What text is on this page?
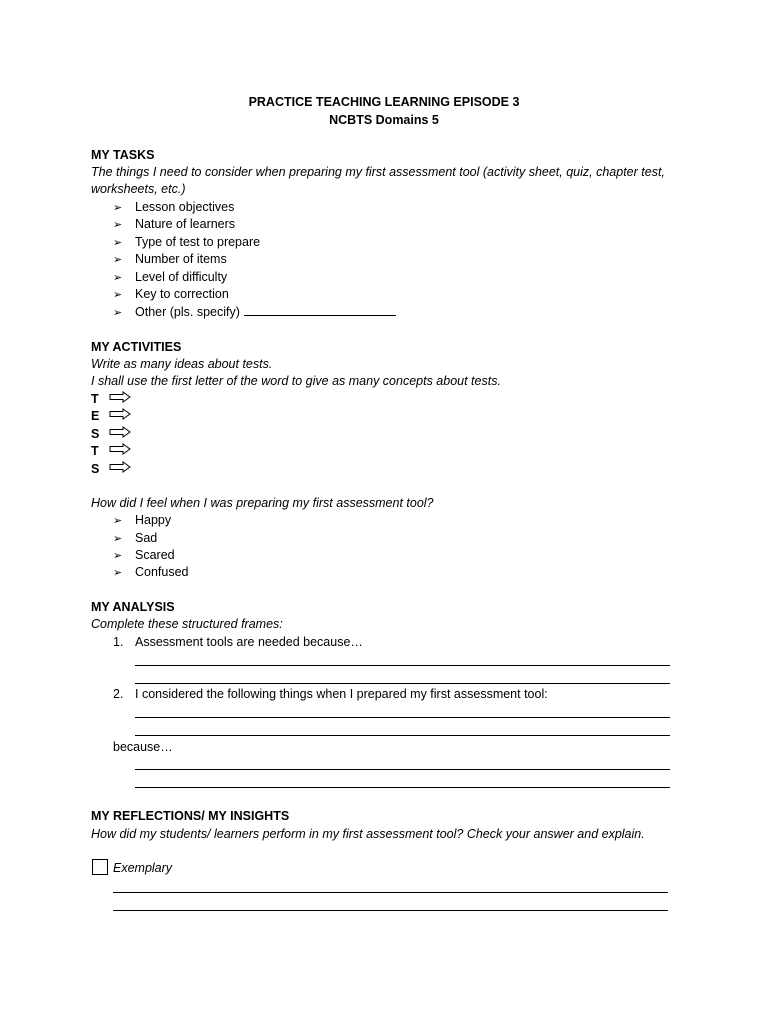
PRACTICE TEACHING LEARNING EPISODE 3
NCBTS Domains 5
MY TASKS
The things I need to consider when preparing my first assessment tool (activity sheet, quiz, chapter test,
worksheets, etc.)
➢ Lesson objectives
➢ Nature of learners
➢ Type of test to prepare
➢ Number of items
➢ Level of difficulty
➢ Key to correction
➢ Other (pls. specify)
MY ACTIVITIES
Write as many ideas about tests.
I shall use the first letter of the word to give as many concepts about tests.
T
E
S
T
S
How did I feel when I was preparing my first assessment tool?
➢ Happy
➢ Sad
➢ Scared
➢ Confused
MY ANALYSIS
Complete these structured frames:
1. Assessment tools are needed because…
2. I considered the following things when I prepared my first assessment tool:
because…
MY REFLECTIONS/ MY INSIGHTS
How did my students/ learners perform in my first assessment tool? Check your answer and explain.
Exemplary
